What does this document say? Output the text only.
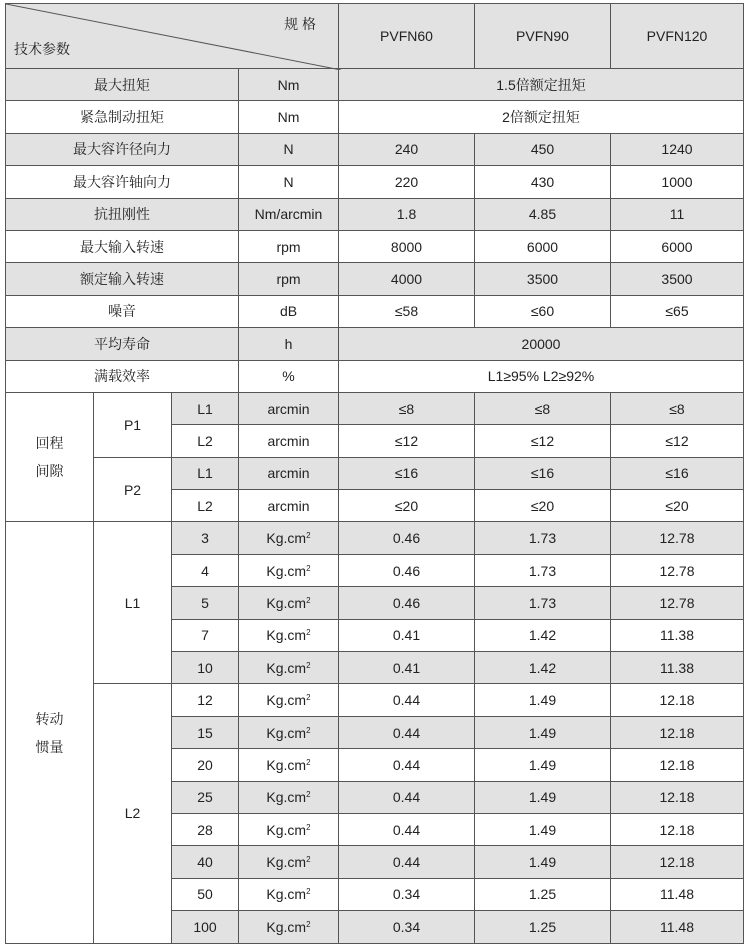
规 格
技术参数				PVFN60	PVFN90	PVFN120
最大扭矩			Nm	1.5倍额定扭矩		
紧急制动扭矩			Nm	2倍额定扭矩		
最大容许径向力			N	240	450	1240
最大容许轴向力			N	220	430	1000
抗扭刚性			Nm/arcmin	1.8	4.85	11
最大输入转速			rpm	8000	6000	6000
额定输入转速			rpm	4000	3500	3500
噪音			dB	≤58	≤60	≤65
平均寿命			h	20000		
满载效率			%	L1≥95% L2≥92%		

回程
间隙	P1	L1	arcmin	≤8	≤8	≤8
		L2	arcmin	≤12	≤12	≤12
	P2	L1	arcmin	≤16	≤16	≤16
		L2	arcmin	≤20	≤20	≤20

转动
惯量	L1	3	$Kg.cm^2$	0.46	1.73	12.78
		4	$Kg.cm^2$	0.46	1.73	12.78
		5	$Kg.cm^2$	0.46	1.73	12.78
		7	$Kg.cm^2$	0.41	1.42	11.38
		10	$Kg.cm^2$	0.41	1.42	11.38
	L2	12	$Kg.cm^2$	0.44	1.49	12.18
		15	$Kg.cm^2$	0.44	1.49	12.18
		20	$Kg.cm^2$	0.44	1.49	12.18
		25	$Kg.cm^2$	0.44	1.49	12.18
		28	$Kg.cm^2$	0.44	1.49	12.18
		40	$Kg.cm^2$	0.44	1.49	12.18
		50	$Kg.cm^2$	0.34	1.25	11.48
		100	$Kg.cm^2$	0.34	1.25	11.48
